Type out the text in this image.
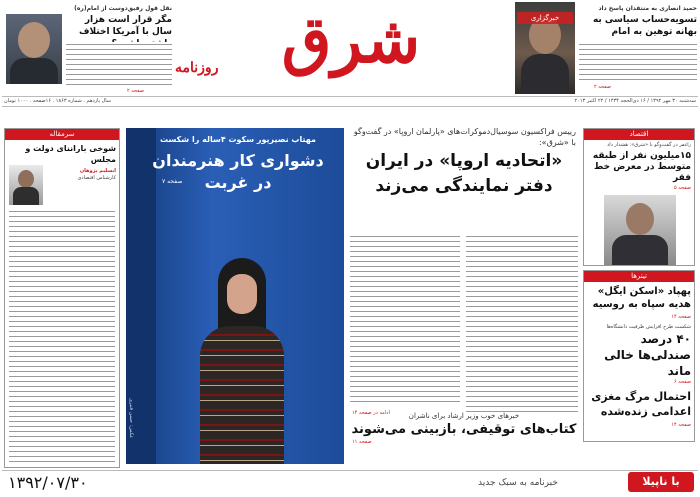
خبرگزاری
حمید انصاری به منتقدان پاسخ داد
تسویه‌حساب سیاسی به بهانه توهین به امام
صفحه ۲
شرق
روزنامه
نقل قول رفیق‌دوست از امام(ره)
مگر قرار است هزار سال با آمریکا اختلاف
صفحه ۲
سه‌شنبه ۳۰ مهر ۱۳۹۲ / ۱۶ ذی‌الحجه ۱۴۳۴ / ۲۲ اکتبر ۲۰۱۳
سال یازدهم . شماره ۱۸۶۳ . ۱۶صفحه . ۱۰۰۰ تومان
اقتصاد
راغفر در گفت‌وگو با «شرق»: هشدار داد
۱۵میلیون نفر از طبقه متوسط در معرض خط فقر
صفحه ۵
تیترها
پهپاد «اسکن ایگل» هدیه سپاه به روسیه
صفحه ۱۴
شکست طرح افزایش ظرفیت دانشگاه‌ها
۴۰ درصد صندلی‌ها خالی ماند
صفحه ۶
احتمال مرگ مغزی اعدامی زنده‌شده
صفحه ۱۴
رییس فراکسیون سوسیال‌دموکرات‌های «پارلمان اروپا» در گفت‌وگو با «شرق»:
«اتحادیه اروپا» در ایران
دفتر نمایندگی می‌زند
ادامه در صفحه ۱۴	خبرهای خوب وزیر ارشاد برای ناشران
کتاب‌های توقیفی، بازبینی می‌شوند
صفحه ۱۱
مهتاب نصیرپور سکوت ۴ساله را شکست
دشواری کار هنرمندان
در غربت
صفحه ۷
عکس: حسن قنبری
سرمقاله
شوخی باراننای دولت و مجلس
ابسلیم پژوهان
کارشناس اقتصادی
۱۳۹۲/۰۷/۳۰	خبرنامه به سبک جدید	با ناپیلا
